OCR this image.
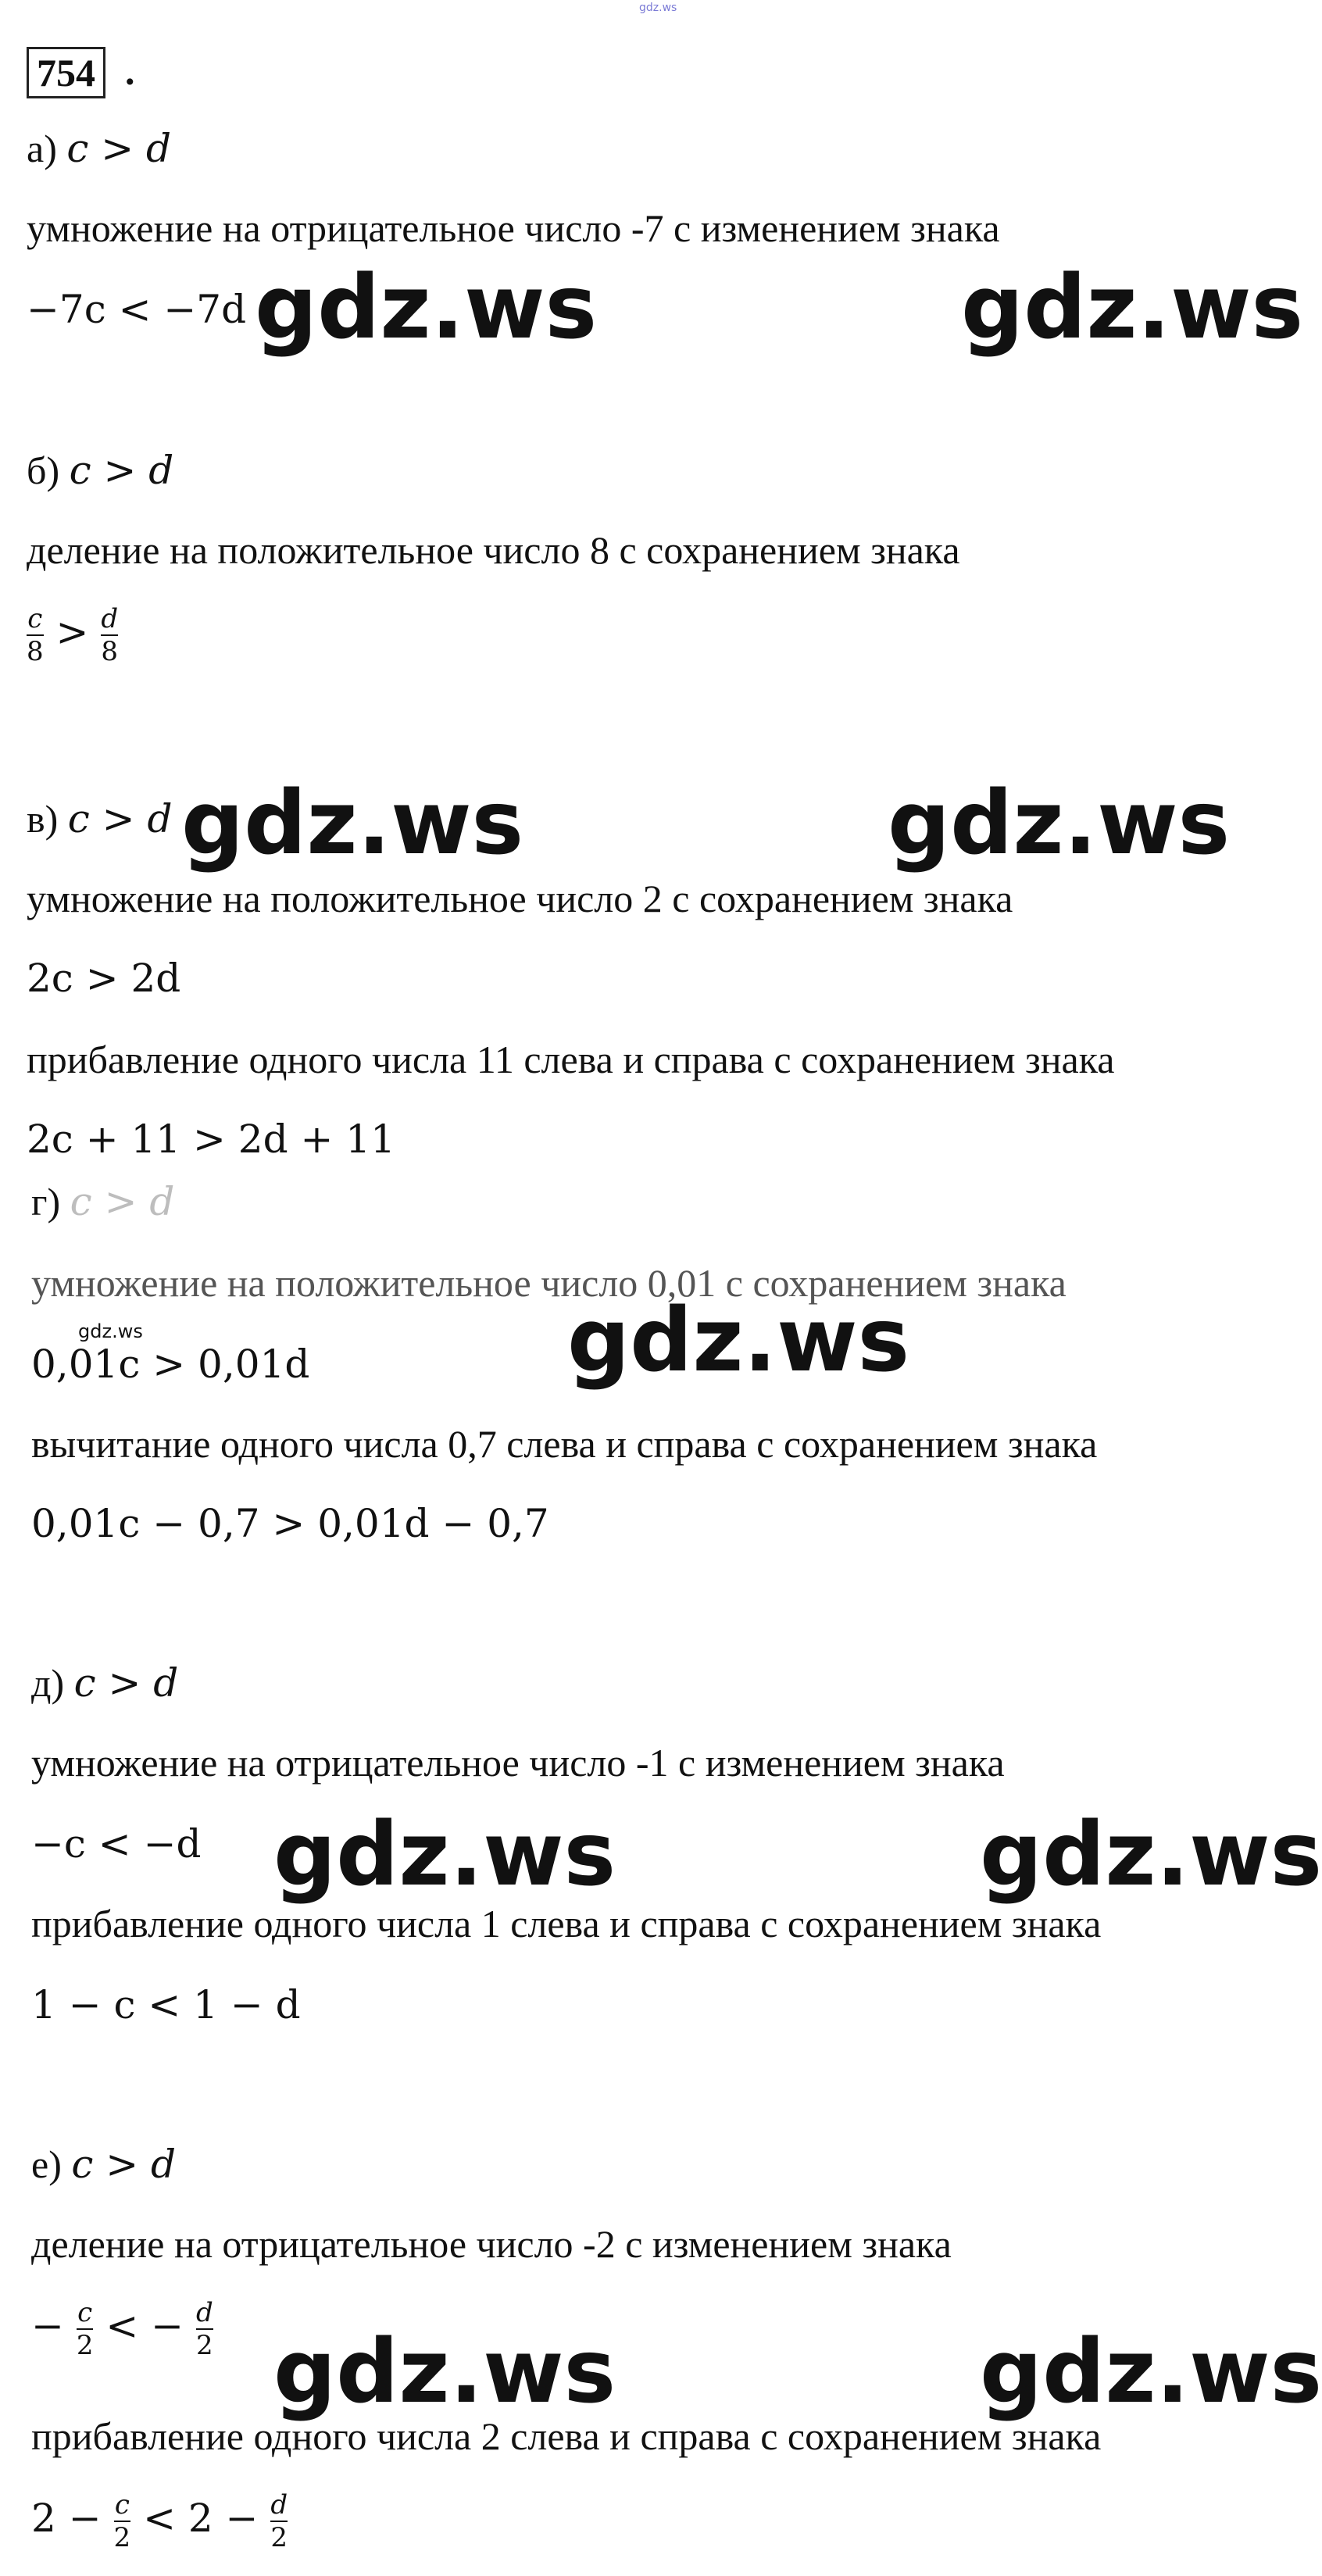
gdz.ws
754 .
а) c > d
умножение на отрицательное число -7 с изменением знака
−7c < −7d
б) c > d
деление на положительное число 8 с сохранением знака
$\frac{c}{8} > \frac{d}{8}$
в) c > d
умножение на положительное число 2 с сохранением знака
2c > 2d
прибавление одного числа 11 слева и справа с сохранением знака
2c + 11 > 2d + 11
г) c > d
умножение на положительное число 0,01 с сохранением знака
0,01c > 0,01d
вычитание одного числа 0,7 слева и справа с сохранением знака
0,01c − 0,7 > 0,01d − 0,7
д) c > d
умножение на отрицательное число -1 с изменением знака
−c < −d
прибавление одного числа 1 слева и справа с сохранением знака
1 − c < 1 − d
е) c > d
деление на отрицательное число -2 с изменением знака
− $\frac{c}{2}$ < − $\frac{d}{2}$
прибавление одного числа 2 слева и справа с сохранением знака
$2 - \frac{c}{2} < 2 - \frac{d}{2}$
gdz.ws	gdz.ws
gdz.ws	gdz.ws
gdz.ws	gdz.ws
gdz.ws	gdz.ws
gdz.ws	gdz.ws
